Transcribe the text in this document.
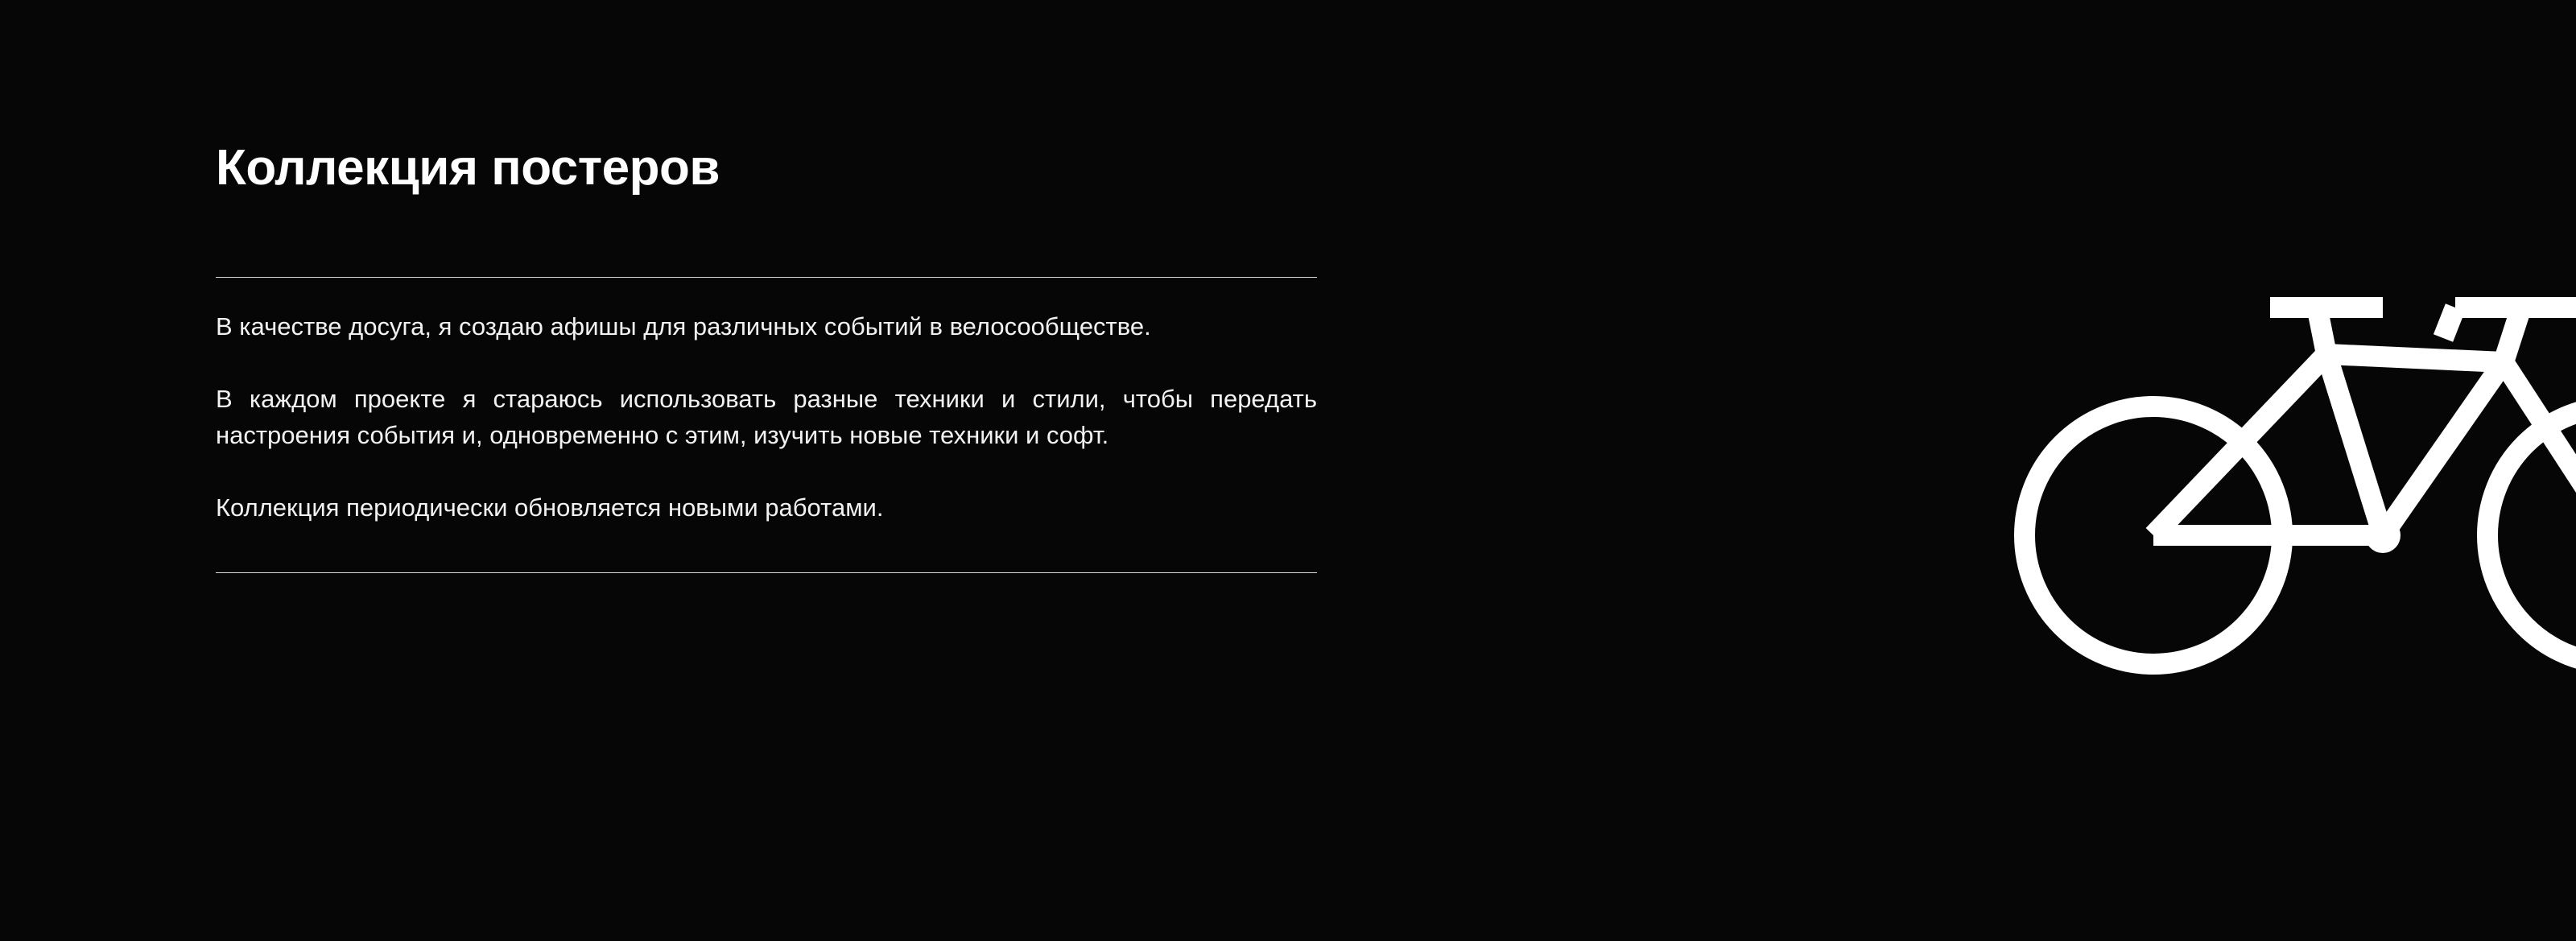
Коллекция постеров

В качестве досуга, я создаю афишы для различных событий в велосообществе.

В каждом проекте я стараюсь использовать разные техники и стили, чтобы передать настроения события и, одновременно с этим, изучить новые техники и софт.

Коллекция периодически обновляется новыми работами.
